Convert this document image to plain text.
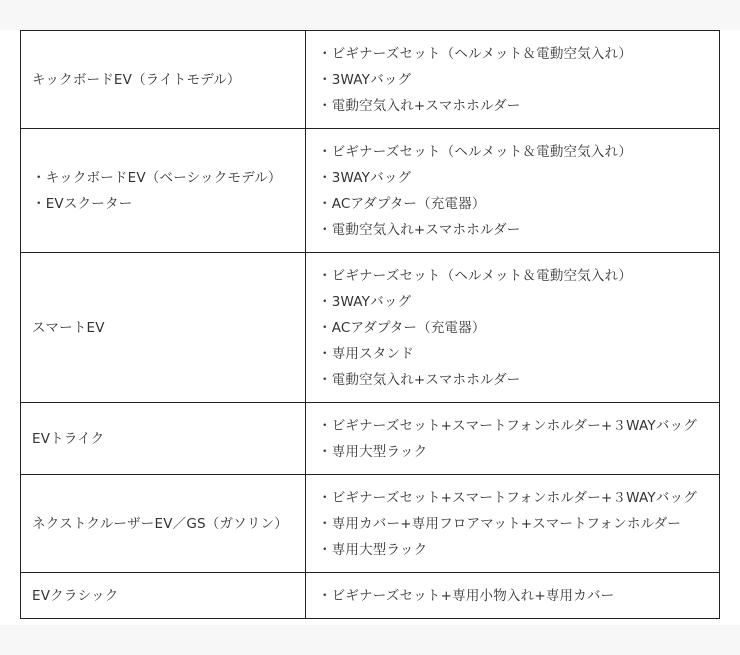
キックボードEV（ライトモデル）	・ビギナーズセット（ヘルメット＆電動空気入れ）
・3WAYバッグ
・電動空気入れ+スマホホルダー

・キックボードEV（ベーシックモデル）
・EVスクーター	・ビギナーズセット（ヘルメット＆電動空気入れ）
・3WAYバッグ
・ACアダプター（充電器）
・電動空気入れ+スマホホルダー

スマートEV	・ビギナーズセット（ヘルメット＆電動空気入れ）
・3WAYバッグ
・ACアダプター（充電器）
・専用スタンド
・電動空気入れ+スマホホルダー

EVトライク	・ビギナーズセット+スマートフォンホルダー+３WAYバッグ
・専用大型ラック

ネクストクルーザーEV／GS（ガソリン）	・ビギナーズセット+スマートフォンホルダー+３WAYバッグ
・専用カバー+専用フロアマット+スマートフォンホルダー
・専用大型ラック

EVクラシック	・ビギナーズセット+専用小物入れ+専用カバー
